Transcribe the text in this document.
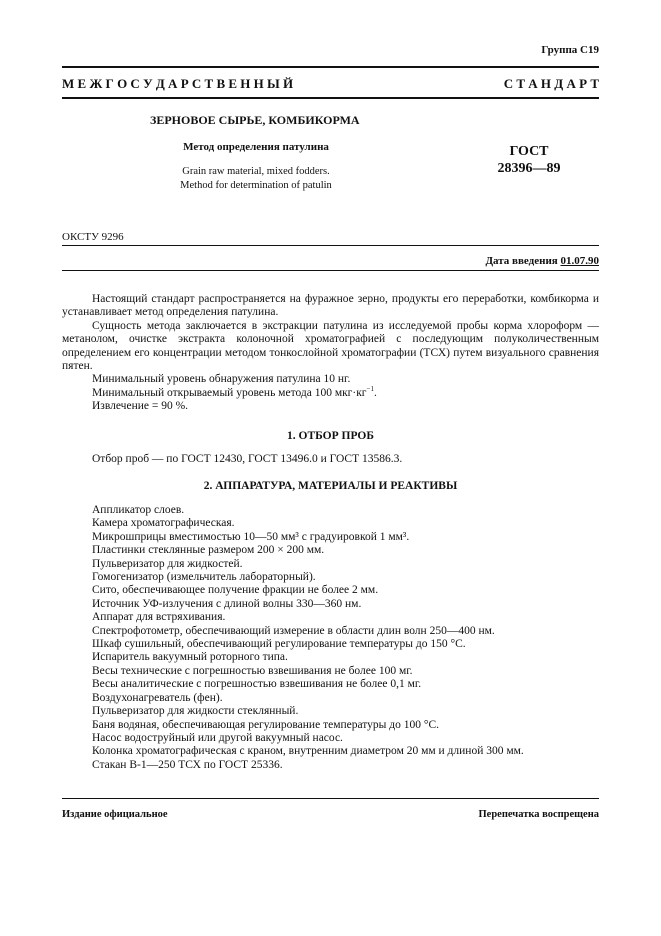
Группа С19
М Е Ж Г О С У Д А Р С Т В Е Н Н Ы Й	С Т А Н Д А Р Т
ЗЕРНОВОЕ СЫРЬЕ, КОМБИКОРМА
Метод определения патулина
Grain raw material, mixed fodders.
Method for determination of patulin
ГОСТ
28396—89
ОКСТУ 9296
Дата введения 01.07.90

Настоящий стандарт распространяется на фуражное зерно, продукты его переработки, комбикорма и устанавливает метод определения патулина.

Сущность метода заключается в экстракции патулина из исследуемой пробы корма хлороформ — метанолом, очистке экстракта колоночной хроматографией с последующим полуколичественным определением его концентрации методом тонкослойной хроматографии (ТСХ) путем визуального сравнения пятен.

Минимальный уровень обнаружения патулина 10 нг.

Минимальный открываемый уровень метода 100 $мкг\cdot кг^{-1}$.

Извлечение = 90 %.

1. ОТБОР ПРОБ

Отбор проб — по ГОСТ 12430, ГОСТ 13496.0 и ГОСТ 13586.3.

2. АППАРАТУРА, МАТЕРИАЛЫ И РЕАКТИВЫ

Аппликатор слоев.

Камера хроматографическая.

Микрошприцы вместимостью 10—50 мм³ с градуировкой 1 мм³.

Пластинки стеклянные размером 200 × 200 мм.

Пульверизатор для жидкостей.

Гомогенизатор (измельчитель лабораторный).

Сито, обеспечивающее получение фракции не более 2 мм.

Источник УФ-излучения с длиной волны 330—360 нм.

Аппарат для встряхивания.

Спектрофотометр, обеспечивающий измерение в области длин волн 250—400 нм.

Шкаф сушильный, обеспечивающий регулирование температуры до 150 °С.

Испаритель вакуумный роторного типа.

Весы технические с погрешностью взвешивания не более 100 мг.

Весы аналитические с погрешностью взвешивания не более 0,1 мг.

Воздухонагреватель (фен).

Пульверизатор для жидкости стеклянный.

Баня водяная, обеспечивающая регулирование температуры до 100 °С.

Насос водоструйный или другой вакуумный насос.

Колонка хроматографическая с краном, внутренним диаметром 20 мм и длиной 300 мм.

Стакан В-1—250 ТСХ по ГОСТ 25336.

Издание официальное	Перепечатка воспрещена
